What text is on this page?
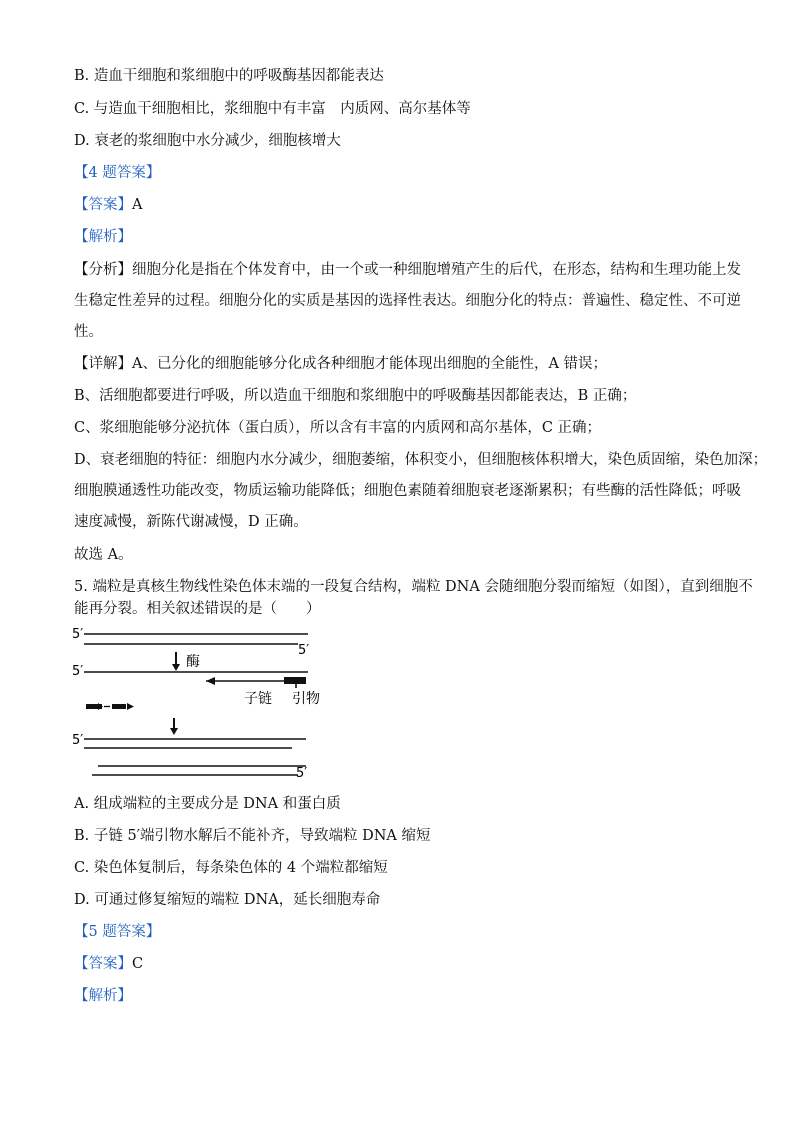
B. 造血干细胞和浆细胞中的呼吸酶基因都能表达
C. 与造血干细胞相比，浆细胞中有丰富　内质网、高尔基体等
D. 衰老的浆细胞中水分减少，细胞核增大
【4 题答案】
【答案】A
【解析】
【分析】细胞分化是指在个体发育中，由一个或一种细胞增殖产生的后代，在形态，结构和生理功能上发
生稳定性差异的过程。细胞分化的实质是基因的选择性表达。细胞分化的特点：普遍性、稳定性、不可逆
性。
【详解】A、已分化的细胞能够分化成各种细胞才能体现出细胞的全能性，A 错误；
B、活细胞都要进行呼吸，所以造血干细胞和浆细胞中的呼吸酶基因都能表达，B 正确；
C、浆细胞能够分泌抗体（蛋白质），所以含有丰富的内质网和高尔基体，C 正确；
D、衰老细胞的特征：细胞内水分减少，细胞萎缩，体积变小，但细胞核体积增大，染色质固缩，染色加深；
细胞膜通透性功能改变，物质运输功能降低；细胞色素随着细胞衰老逐渐累积；有些酶的活性降低；呼吸
速度减慢，新陈代谢减慢，D 正确。
故选 A。
5. 端粒是真核生物线性染色体末端的一段复合结构，端粒 DNA 会随细胞分裂而缩短（如图），直到细胞不
能再分裂。相关叙述错误的是（　　）
5′
5′
酶
5′
子链 引物
5′
5′
A. 组成端粒的主要成分是 DNA 和蛋白质
B. 子链 5′端引物水解后不能补齐，导致端粒 DNA 缩短
C. 染色体复制后，每条染色体的 4 个端粒都缩短
D. 可通过修复缩短的端粒 DNA，延长细胞寿命
【5 题答案】
【答案】C
【解析】
